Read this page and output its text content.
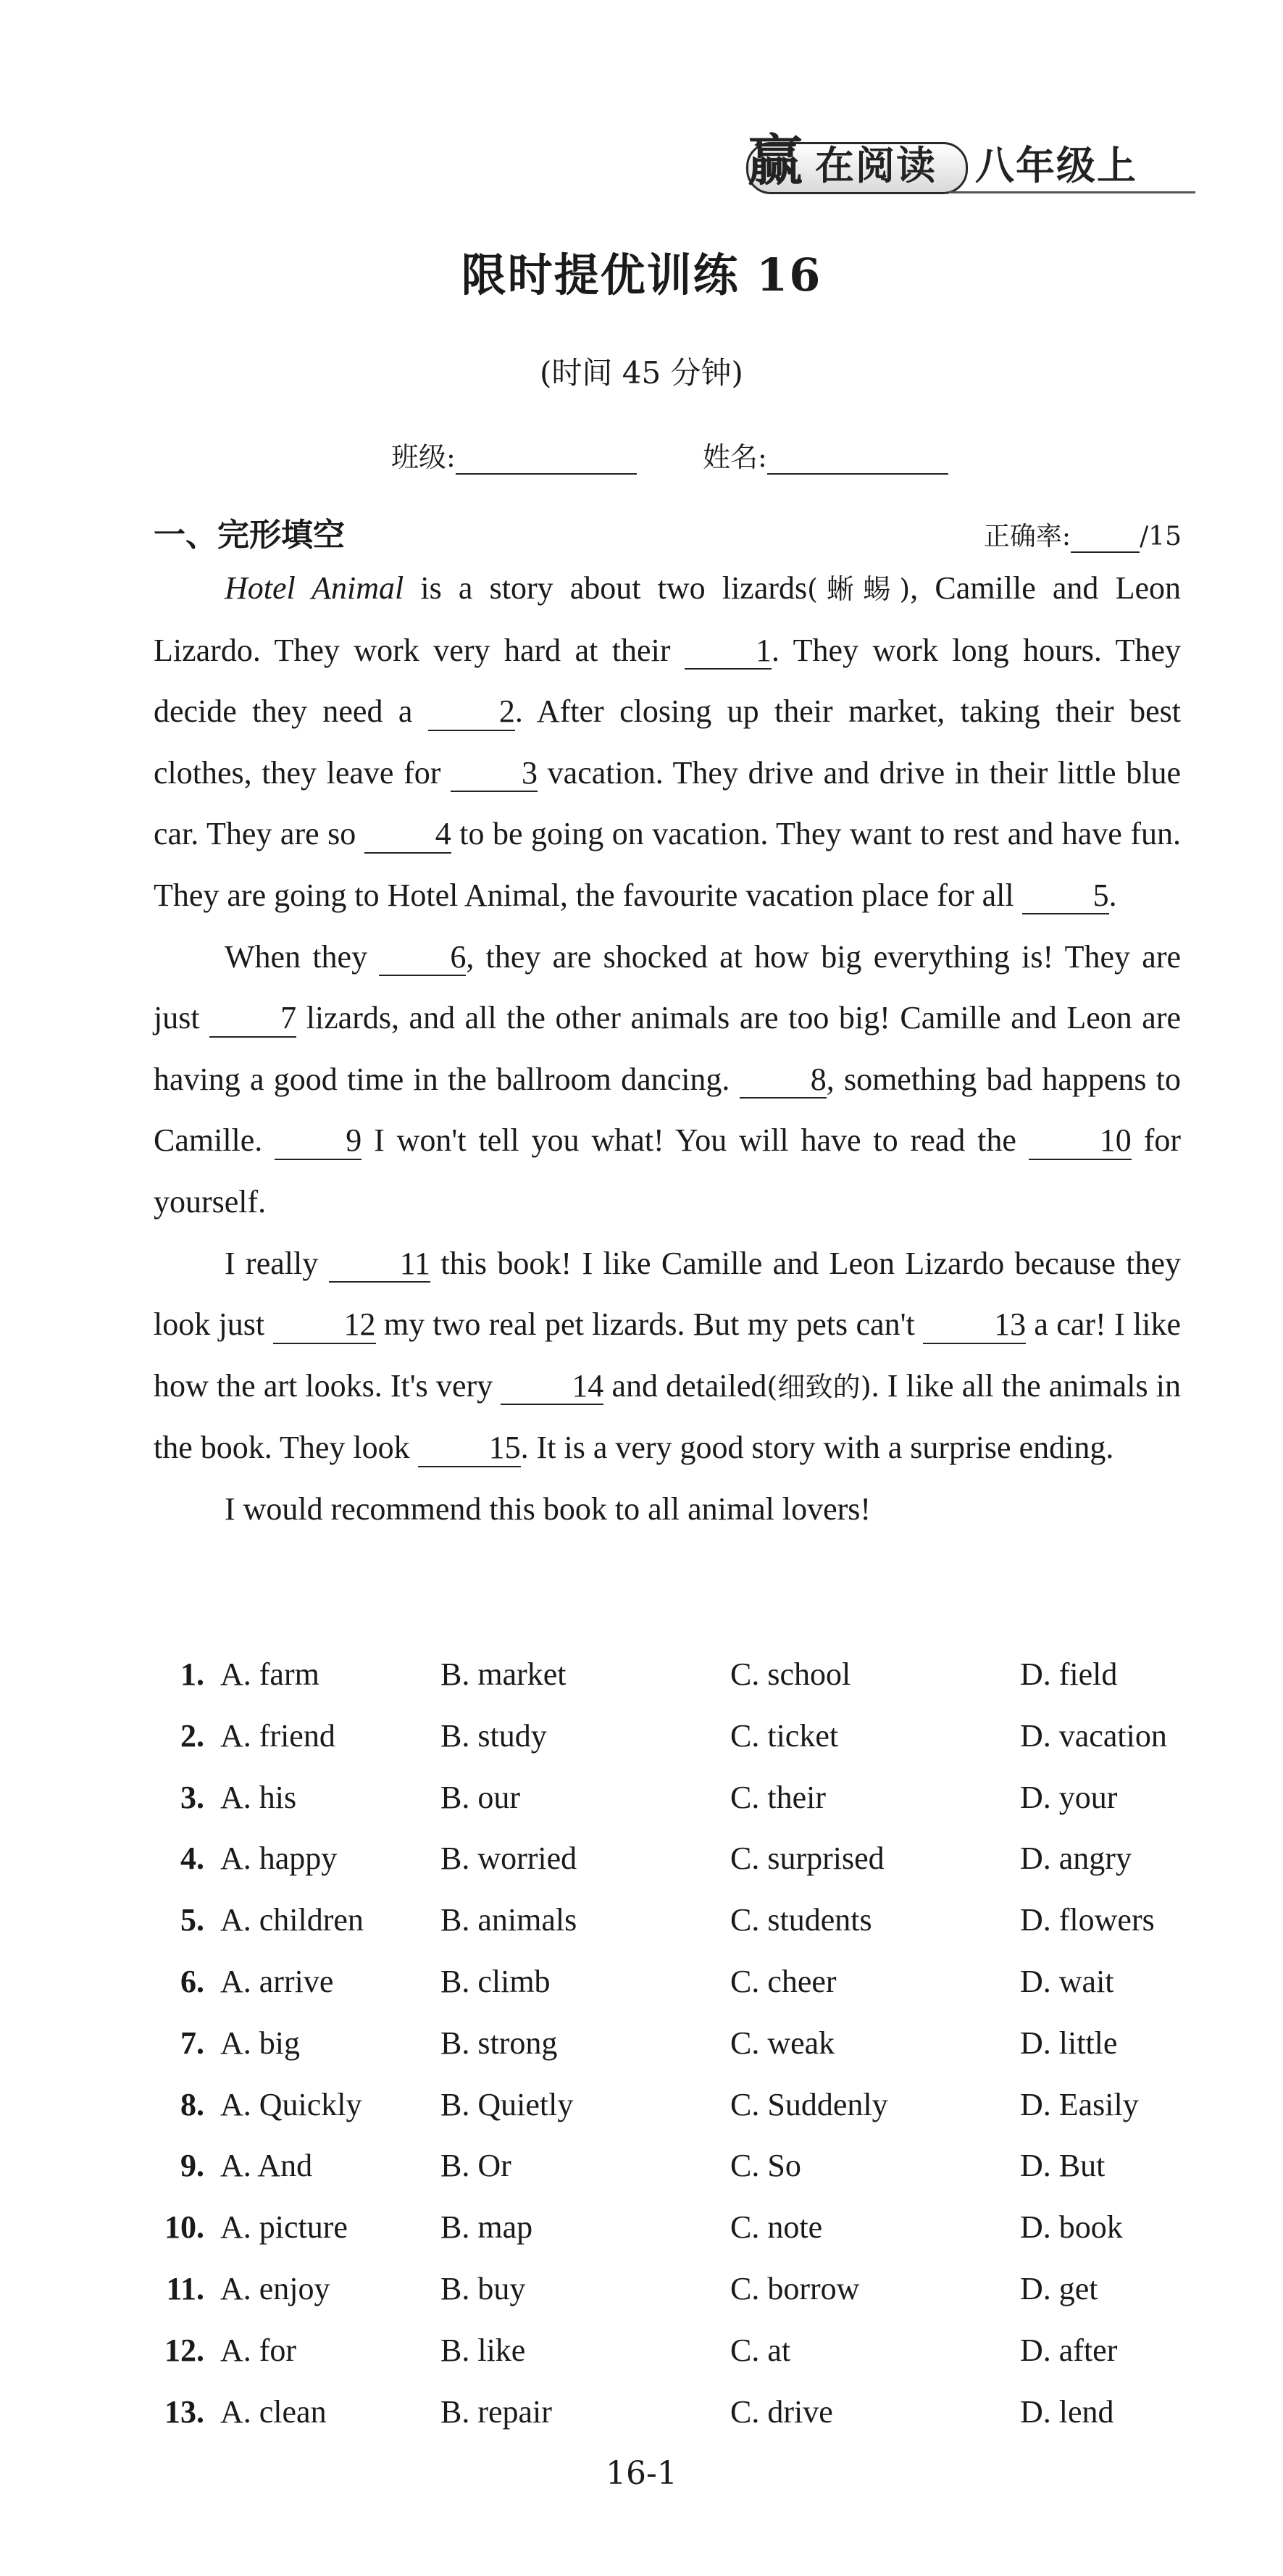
赢 在阅读 八年级上
限时提优训练 16
(时间 45 分钟)
班级:	姓名:
一、完形填空	正确率:	/15

Hotel Animal is a story about two lizards(蜥蜴), Camille and Leon Lizardo. They work very hard at their 1. They work long hours. They decide they need a 2. After closing up their market, taking their best clothes, they leave for 3 vacation. They drive and drive in their little blue car. They are so 4 to be going on vacation. They want to rest and have fun. They are going to Hotel Animal, the favourite vacation place for all 5.

When they 6, they are shocked at how big everything is! They are just 7 lizards, and all the other animals are too big! Camille and Leon are having a good time in the ballroom dancing. 8, something bad happens to Camille. 9 I won't tell you what! You will have to read the 10 for yourself.

I really 11 this book! I like Camille and Leon Lizardo because they look just 12 my two real pet lizards. But my pets can't 13 a car! I like how the art looks. It's very 14 and detailed(细致的). I like all the animals in the book. They look 15. It is a very good story with a surprise ending.

I would recommend this book to all animal lovers!

1. A. farm	B. market	C. school	D. field
2. A. friend	B. study	C. ticket	D. vacation
3. A. his	B. our	C. their	D. your
4. A. happy	B. worried	C. surprised	D. angry
5. A. children B. animals	C. students	D. flowers
6. A. arrive	B. climb	C. cheer	D. wait
7. A. big	B. strong	C. weak	D. little
8. A. Quickly B. Quietly	C. Suddenly	D. Easily
9. A. And	B. Or	C. So	D. But
10. A. picture	B. map	C. note	D. book
11. A. enjoy	B. buy	C. borrow	D. get
12. A. for	B. like	C. at	D. after
13. A. clean	B. repair	C. drive	D. lend
16-1
